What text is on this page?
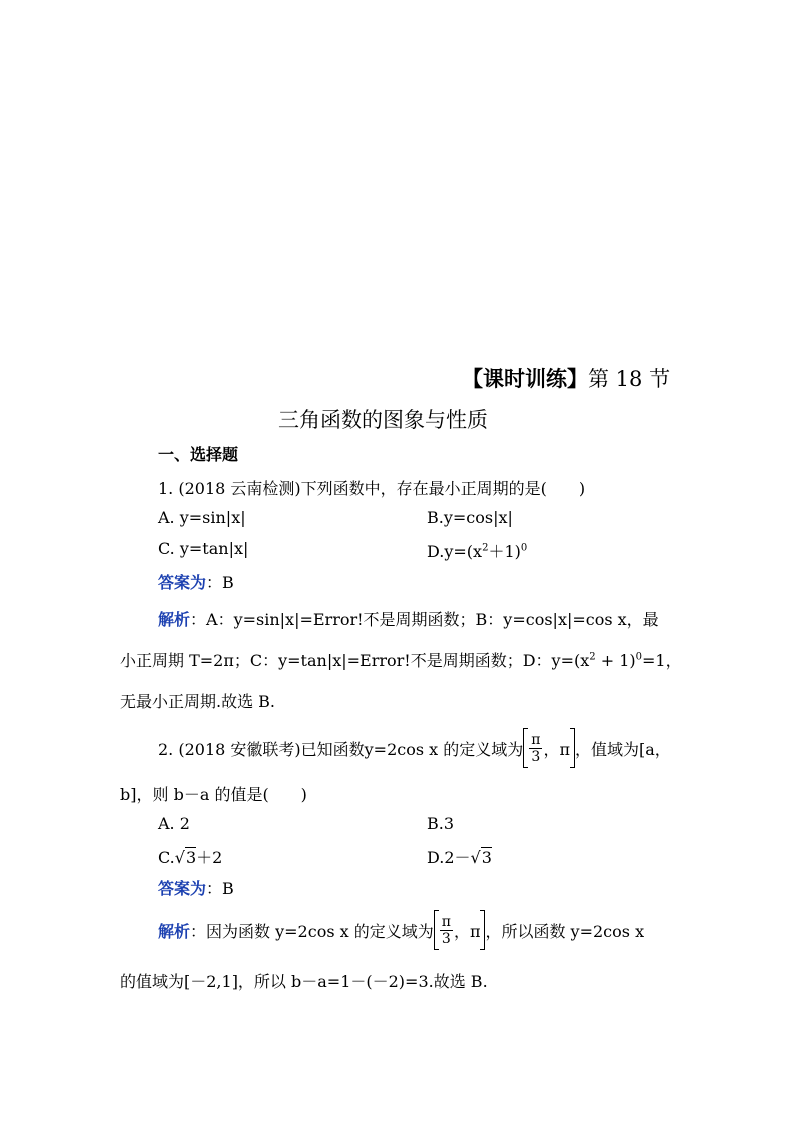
【课时训练】第 18 节
三角函数的图象与性质
一、选择题
1. (2018 云南检测)下列函数中，存在最小正周期的是(　　)
A. y=sin|x|	B.y=cos|x|
C. y=tan|x|	$D.y=(x^2+1)^0$
答案为：B
解析：A：y=sin|x|=Error!不是周期函数；B：y=cos|x|=cos x，最
小正周期 T=2π；C：y=tan|x|=Error!不是周期函数；D：$y=(x^2 + 1)^0=1$，
无最小正周期.故选 B.
2. (2018 安徽联考)已知函数y=2cos x 的定义域为 $\frac{\pi}{3}$ ，π ，值域为[a，
b]，则 b－a 的值是(　　)
A. 2	B.3
C.√3＋2	D.2－√3
答案为：B
解析 ：因为函数 y=2cos x 的定义域为 $\frac{\pi}{3}$ ，π ，所以函数 y=2cos x
的值域为[－2,1]，所以 b－a=1－(－2)=3.故选 B.
